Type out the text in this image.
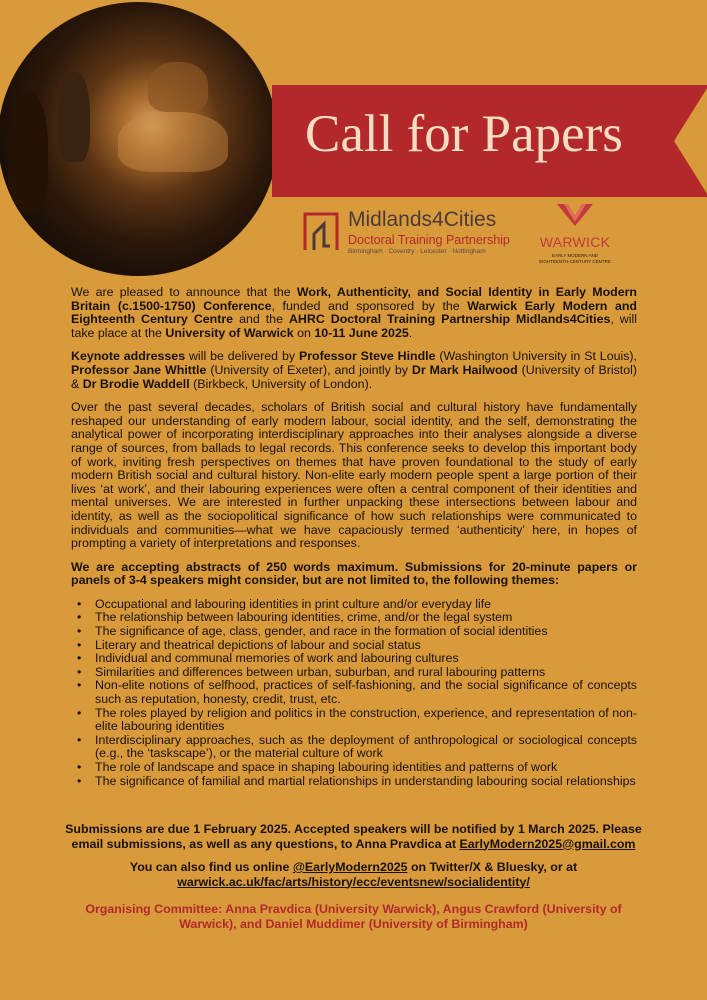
Call for Papers
Midlands4Cities
Doctoral Training Partnership
Birmingham · Coventry · Leicester · Nottingham
WARWICK
EARLY MODERN AND
EIGHTEENTH-CENTURY CENTRE

We are pleased to announce that the Work, Authenticity, and Social Identity in Early Modern Britain (c.1500-1750) Conference, funded and sponsored by the Warwick Early Modern and Eighteenth Century Centre and the AHRC Doctoral Training Partnership Midlands4Cities, will take place at the University of Warwick on 10-11 June 2025.

Keynote addresses will be delivered by Professor Steve Hindle (Washington University in St Louis), Professor Jane Whittle (University of Exeter), and jointly by Dr Mark Hailwood (University of Bristol) & Dr Brodie Waddell (Birkbeck, University of London).

Over the past several decades, scholars of British social and cultural history have fundamentally reshaped our understanding of early modern labour, social identity, and the self, demonstrating the analytical power of incorporating interdisciplinary approaches into their analyses alongside a diverse range of sources, from ballads to legal records. This conference seeks to develop this important body of work, inviting fresh perspectives on themes that have proven foundational to the study of early modern British social and cultural history. Non-elite early modern people spent a large portion of their lives ‘at work’, and their labouring experiences were often a central component of their identities and mental universes. We are interested in further unpacking these intersections between labour and identity, as well as the sociopolitical significance of how such relationships were communicated to individuals and communities—what we have capaciously termed ‘authenticity’ here, in hopes of prompting a variety of interpretations and responses.

We are accepting abstracts of 250 words maximum. Submissions for 20-minute papers or panels of 3-4 speakers might consider, but are not limited to, the following themes:

• Occupational and labouring identities in print culture and/or everyday life
• The relationship between labouring identities, crime, and/or the legal system
• The significance of age, class, gender, and race in the formation of social identities
• Literary and theatrical depictions of labour and social status
• Individual and communal memories of work and labouring cultures
• Similarities and differences between urban, suburban, and rural labouring patterns
• Non-elite notions of selfhood, practices of self-fashioning, and the social significance of concepts such as reputation, honesty, credit, trust, etc.
• The roles played by religion and politics in the construction, experience, and representation of non-elite labouring identities
• Interdisciplinary approaches, such as the deployment of anthropological or sociological concepts (e.g., the ‘taskscape’), or the material culture of work
• The role of landscape and space in shaping labouring identities and patterns of work
• The significance of familial and martial relationships in understanding labouring social relationships
Submissions are due 1 February 2025. Accepted speakers will be notified by 1 March 2025. Please email submissions, as well as any questions, to Anna Pravdica at EarlyModern2025@gmail.com
You can also find us online @EarlyModern2025 on Twitter/X & Bluesky, or at
warwick.ac.uk/fac/arts/history/ecc/eventsnew/socialidentity/
Organising Committee: Anna Pravdica (University Warwick), Angus Crawford (University of Warwick), and Daniel Muddimer (University of Birmingham)
